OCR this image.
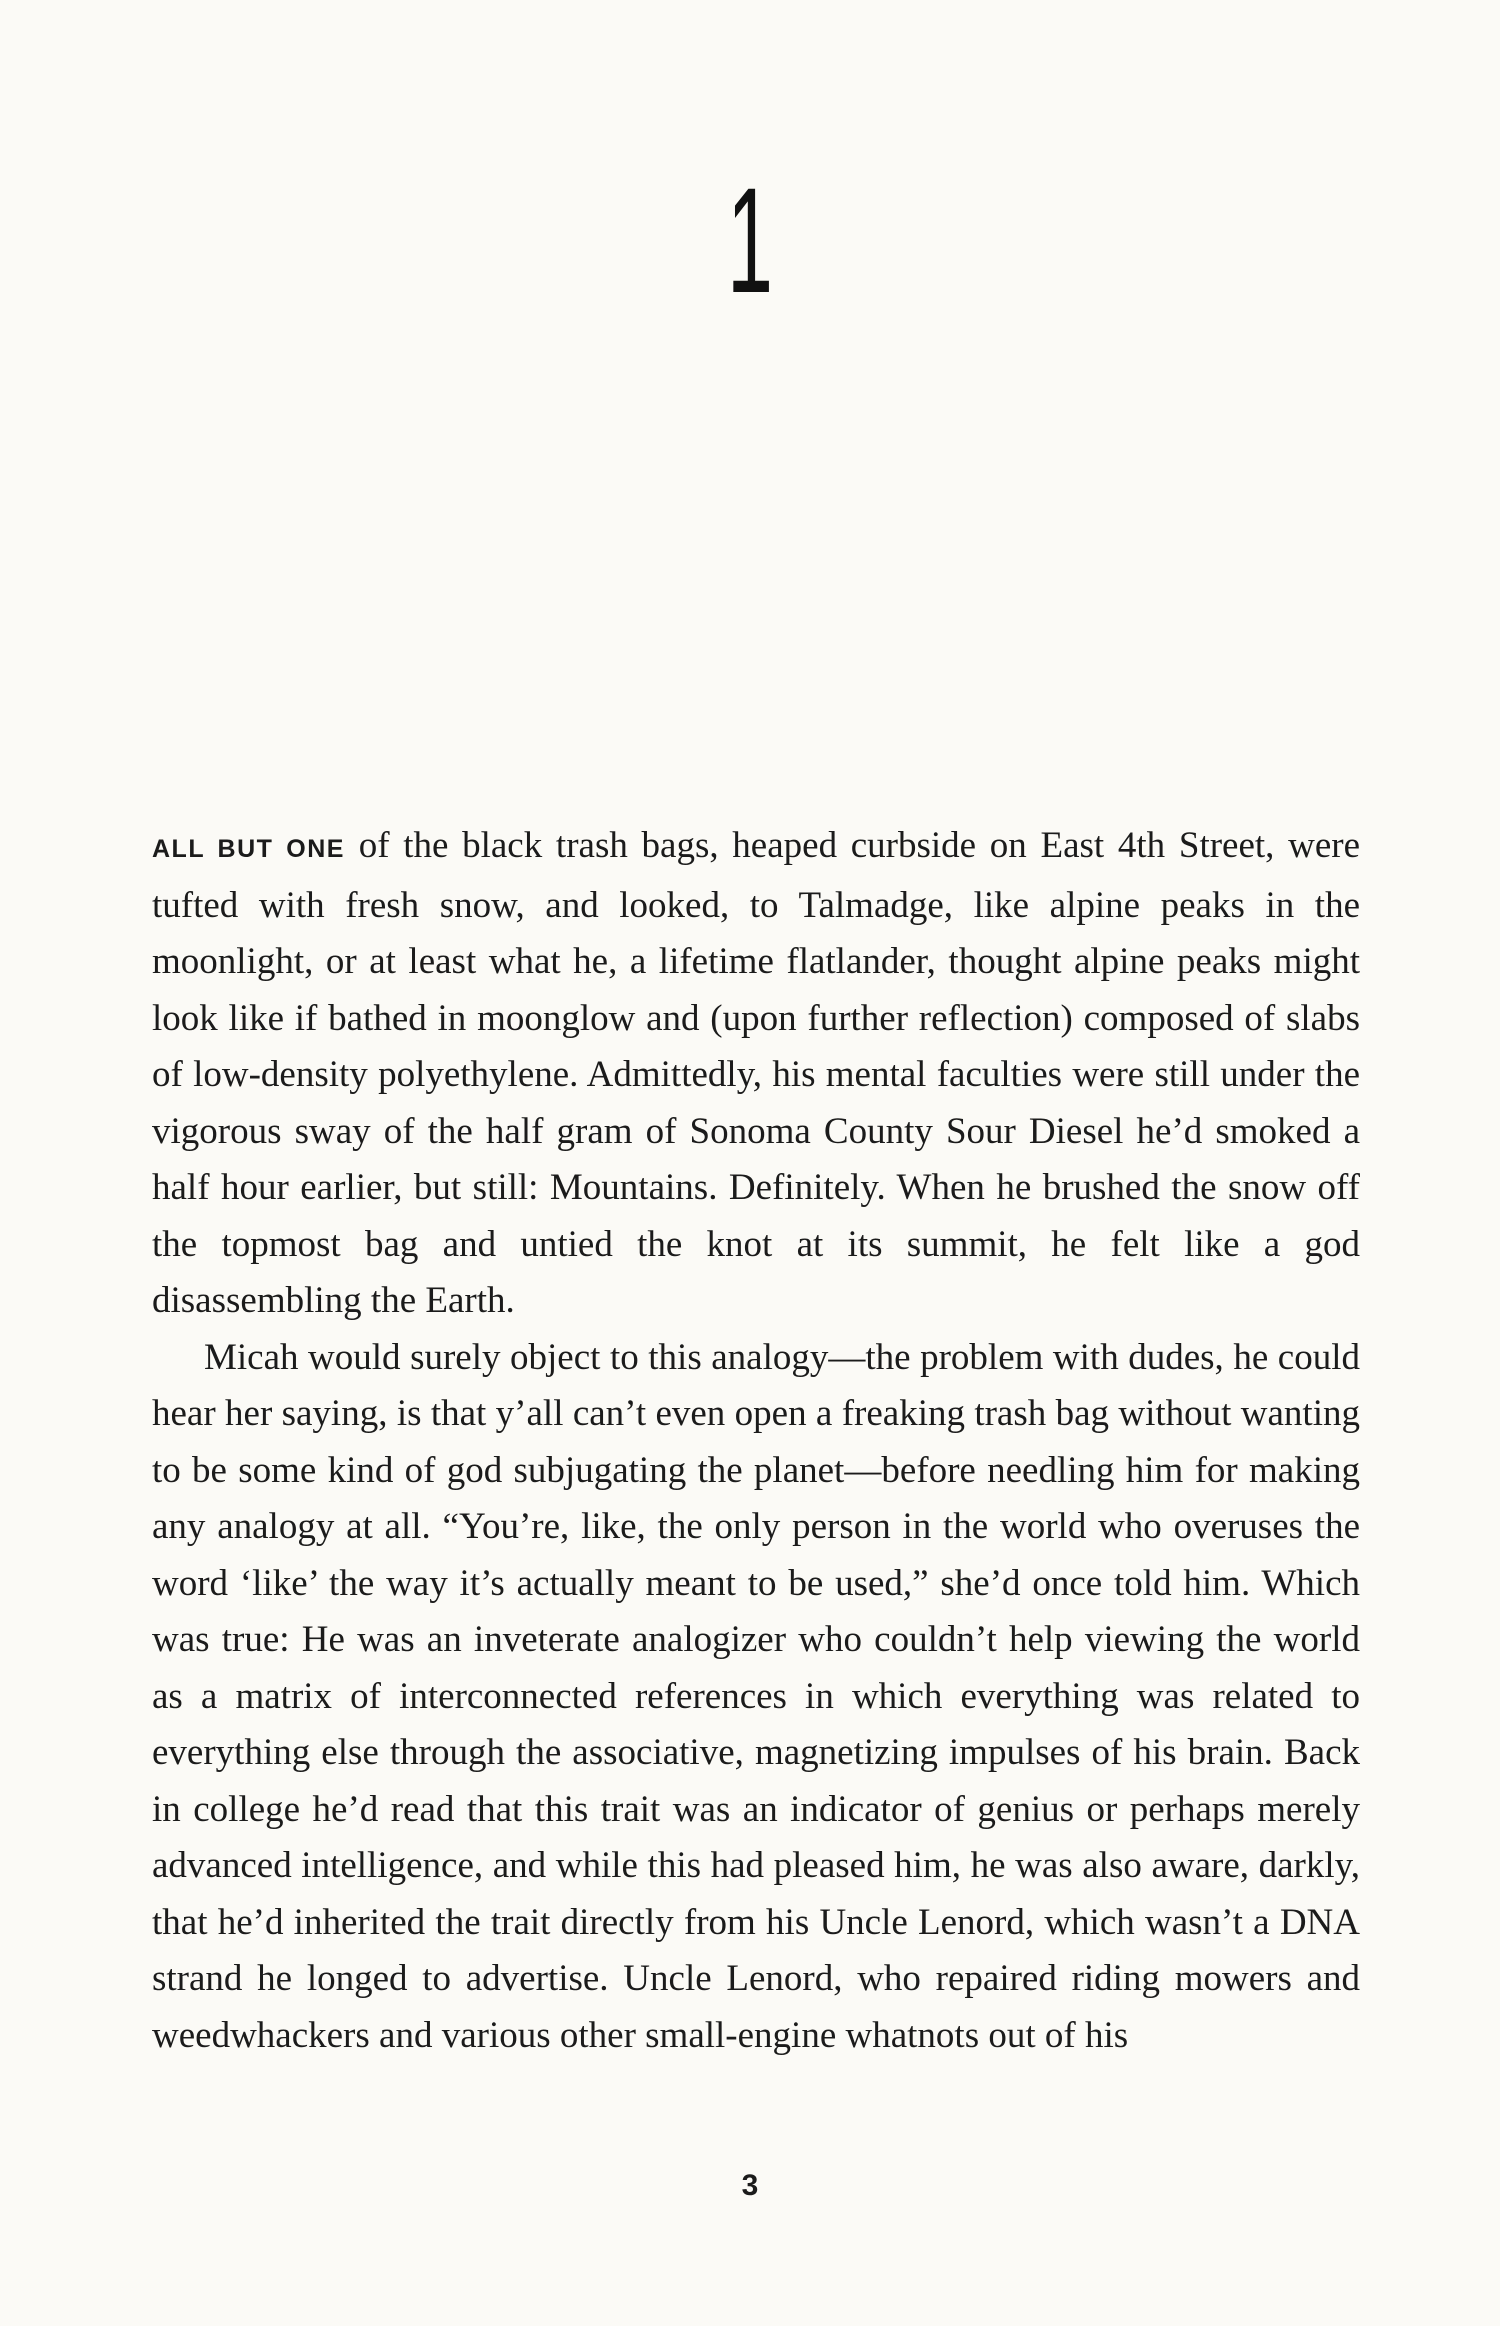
1

ALL BUT ONE of the black trash bags, heaped curbside on East 4th Street, were tufted with fresh snow, and looked, to Talmadge, like alpine peaks in the moonlight, or at least what he, a lifetime flatlander, thought alpine peaks might look like if bathed in moonglow and (upon further reflection) composed of slabs of low-density polyethylene. Admittedly, his mental faculties were still under the vigorous sway of the half gram of Sonoma County Sour Diesel he’d smoked a half hour earlier, but still: Mountains. Definitely. When he brushed the snow off the topmost bag and untied the knot at its summit, he felt like a god disassembling the Earth.

Micah would surely object to this analogy—the problem with dudes, he could hear her saying, is that y’all can’t even open a freaking trash bag without wanting to be some kind of god subjugating the planet—before needling him for making any analogy at all. “You’re, like, the only person in the world who overuses the word ‘like’ the way it’s actually meant to be used,” she’d once told him. Which was true: He was an inveterate analogizer who couldn’t help viewing the world as a matrix of interconnected references in which everything was related to everything else through the associative, magnetizing impulses of his brain. Back in college he’d read that this trait was an indicator of genius or perhaps merely advanced intelligence, and while this had pleased him, he was also aware, darkly, that he’d inherited the trait directly from his Uncle Lenord, which wasn’t a DNA strand he longed to advertise. Uncle Lenord, who repaired riding mowers and weedwhackers and various other small-engine whatnots out of his

3
